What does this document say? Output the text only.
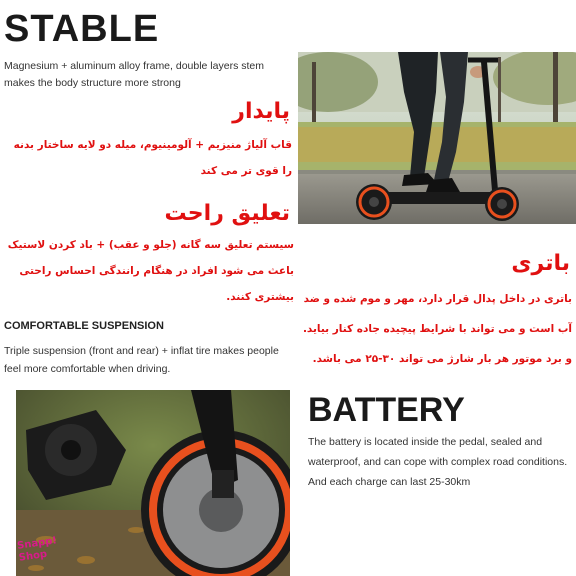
STABLE
Magnesium + aluminum alloy frame, double layers stem makes the body structure more strong
پایدار
قاب آلیاژ منیزیم + آلومینیوم، میله دو لایه ساختار بدنه را قوی تر می کند
تعلیق راحت
سیستم تعلیق سه گانه (جلو و عقب) + باد کردن لاستیک باعث می شود افراد در هنگام رانندگی احساس راحتی بیشتری کنند.
باتری
باتری در داخل پدال قرار دارد، مهر و موم شده و ضد آب است و می تواند با شرایط پیچیده جاده کنار بیاید. و برد موتور هر بار شارژ می تواند ۳۰-۲۵ می باشد.
COMFORTABLE SUSPENSION
Triple suspension (front and rear) + inflat tire makes people feel more comfortable when driving.
Snapp!
Shop
BATTERY
The battery is located inside the pedal, sealed and waterproof, and can cope with complex road conditions. And each charge can last 25-30km
